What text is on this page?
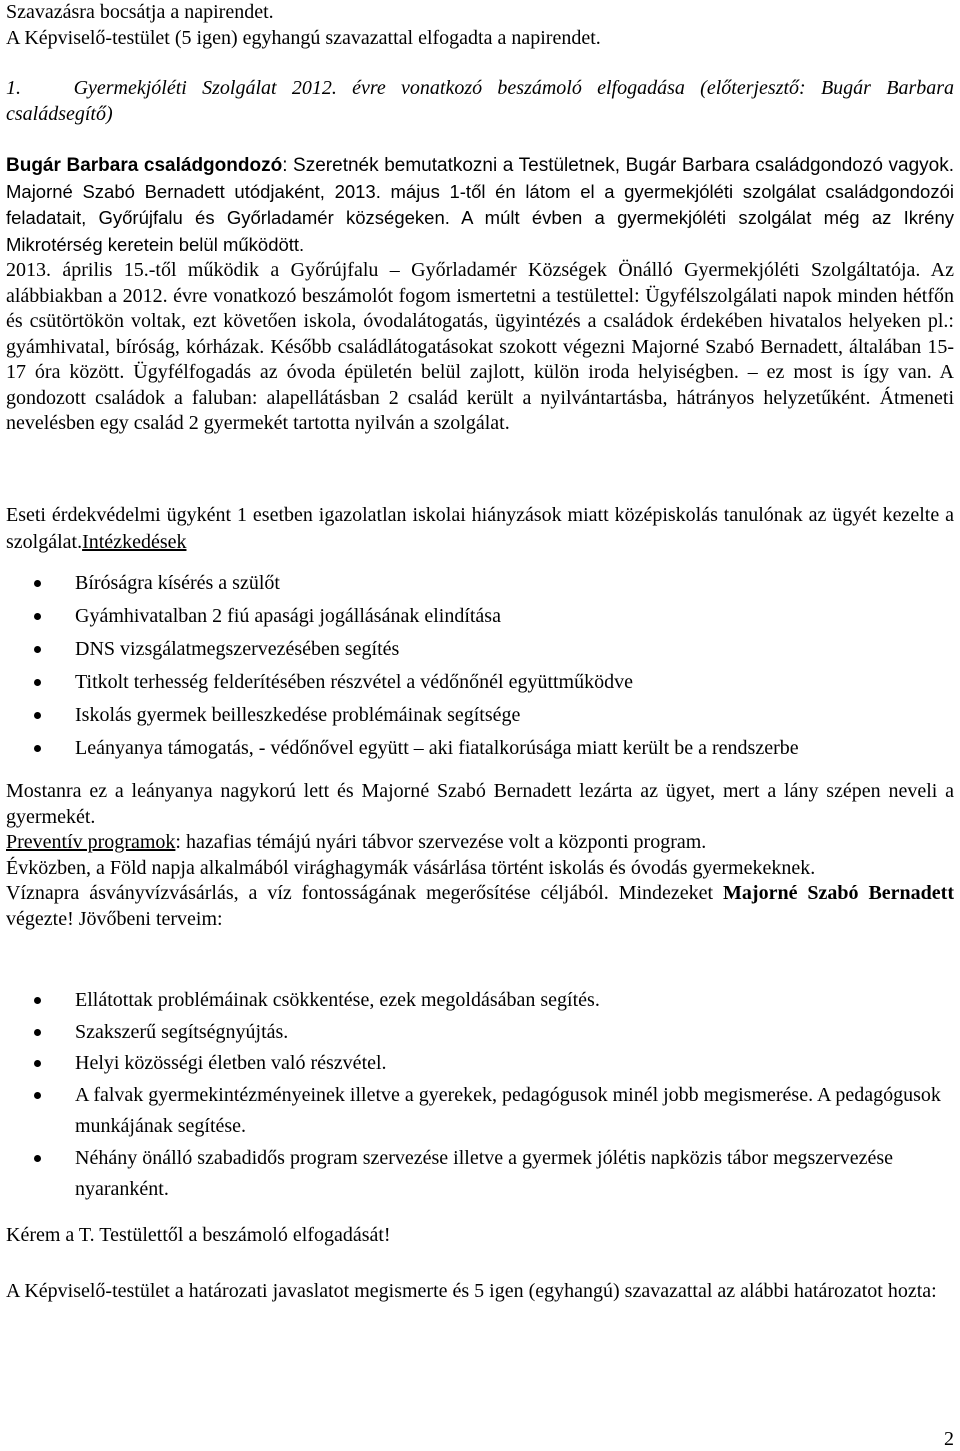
Szavazásra bocsátja a napirendet.

A Képviselő-testület (5 igen) egyhangú szavazattal elfogadta a napirendet.

1.	Gyermekjóléti Szolgálat 2012. évre vonatkozó beszámoló elfogadása (előterjesztő: Bugár Barbara családsegítő)

Bugár Barbara családgondozó: Szeretnék bemutatkozni a Testületnek, Bugár Barbara családgondozó vagyok. Majorné Szabó Bernadett utódjaként, 2013. május 1-től én látom el a gyermekjóléti szolgálat családgondozói feladatait, Győrújfalu és Győrladamér községeken. A múlt évben a gyermekjóléti szolgálat még az Ikrény Mikrotérség keretein belül működött.

2013. április 15.-től működik a Győrújfalu – Győrladamér Községek Önálló Gyermekjóléti Szolgáltatója. Az alábbiakban a 2012. évre vonatkozó beszámolót fogom ismertetni a testülettel: Ügyfélszolgálati napok minden hétfőn és csütörtökön voltak, ezt követően iskola, óvodalátogatás, ügyintézés a családok érdekében hivatalos helyeken pl.: gyámhivatal, bíróság, kórházak. Később családlátogatásokat szokott végezni Majorné Szabó Bernadett, általában 15-17 óra között. Ügyfélfogadás az óvoda épületén belül zajlott, külön iroda helyiségben. – ez most is így van. A gondozott családok a faluban: alapellátásban 2 család került a nyilvántartásba, hátrányos helyzetűként. Átmeneti nevelésben egy család 2 gyermekét tartotta nyilván a szolgálat.

Eseti érdekvédelmi ügyként 1 esetben igazolatlan iskolai hiányzások miatt középiskolás tanulónak az ügyét kezelte a szolgálat.Intézkedések

Bíróságra kísérés a szülőt
Gyámhivatalban 2 fiú apasági jogállásának elindítása
DNS vizsgálatmegszervezésében segítés
Titkolt terhesség felderítésében részvétel a védőnőnél együttműködve
Iskolás gyermek beilleszkedése problémáinak segítsége
Leányanya támogatás, - védőnővel együtt – aki fiatalkorúsága miatt került be a rendszerbe

Mostanra ez a leányanya nagykorú lett és Majorné Szabó Bernadett lezárta az ügyet, mert a lány szépen neveli a gyermekét.

Preventív programok: hazafias témájú nyári tábvor szervezése volt a központi program.

Évközben, a Föld napja alkalmából virághagymák vásárlása történt iskolás és óvodás gyermekeknek.

Víznapra ásványvízvásárlás, a víz fontosságának megerősítése céljából. Mindezeket Majorné Szabó Bernadett végezte! Jövőbeni terveim:

Ellátottak problémáinak csökkentése, ezek megoldásában segítés.
Szakszerű segítségnyújtás.
Helyi közösségi életben való részvétel.
A falvak gyermekintézményeinek illetve a gyerekek, pedagógusok minél jobb megismerése. A pedagógusok munkájának segítése.
Néhány önálló szabadidős program szervezése illetve a gyermek jólétis napközis tábor megszervezése nyaranként.

Kérem a T. Testülettől a beszámoló elfogadását!

A Képviselő-testület a határozati javaslatot megismerte és 5 igen (egyhangú) szavazattal az alábbi határozatot hozta:

2
